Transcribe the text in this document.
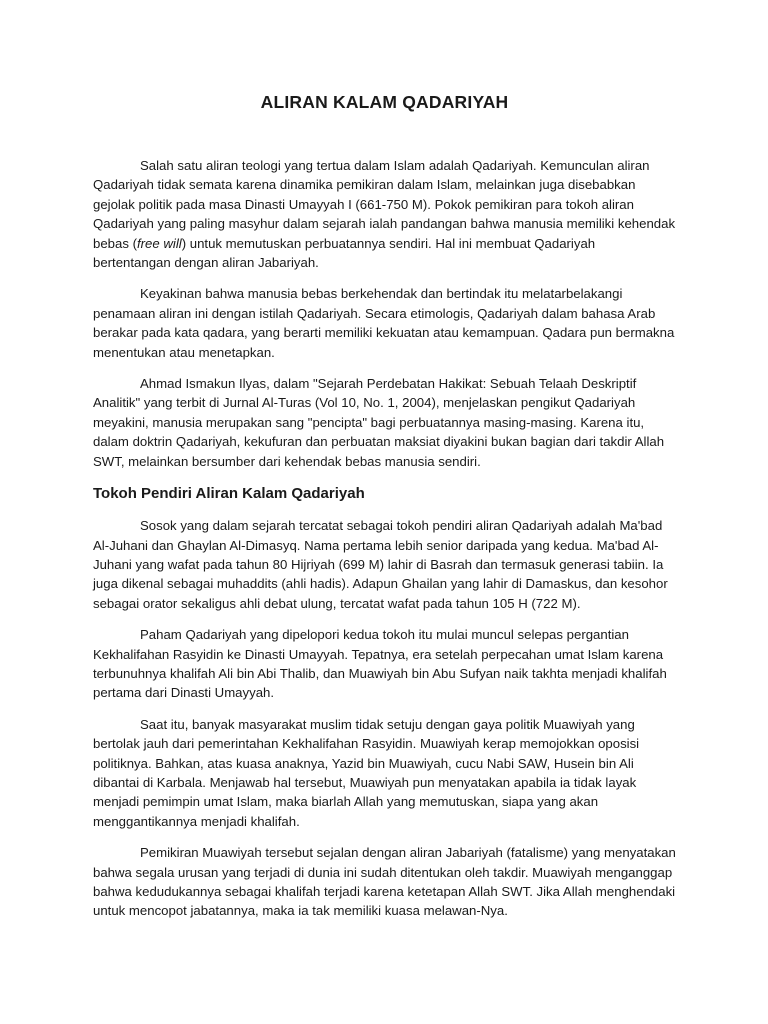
ALIRAN KALAM QADARIYAH

Salah satu aliran teologi yang tertua dalam Islam adalah Qadariyah. Kemunculan aliran Qadariyah tidak semata karena dinamika pemikiran dalam Islam, melainkan juga disebabkan gejolak politik pada masa Dinasti Umayyah I (661-750 M). Pokok pemikiran para tokoh aliran Qadariyah yang paling masyhur dalam sejarah ialah pandangan bahwa manusia memiliki kehendak bebas (free will) untuk memutuskan perbuatannya sendiri. Hal ini membuat Qadariyah bertentangan dengan aliran Jabariyah.

Keyakinan bahwa manusia bebas berkehendak dan bertindak itu melatarbelakangi penamaan aliran ini dengan istilah Qadariyah. Secara etimologis, Qadariyah dalam bahasa Arab berakar pada kata qadara, yang berarti memiliki kekuatan atau kemampuan. Qadara pun bermakna menentukan atau menetapkan.

Ahmad Ismakun Ilyas, dalam "Sejarah Perdebatan Hakikat: Sebuah Telaah Deskriptif Analitik" yang terbit di Jurnal Al-Turas (Vol 10, No. 1, 2004), menjelaskan pengikut Qadariyah meyakini, manusia merupakan sang "pencipta" bagi perbuatannya masing-masing. Karena itu, dalam doktrin Qadariyah, kekufuran dan perbuatan maksiat diyakini bukan bagian dari takdir Allah SWT, melainkan bersumber dari kehendak bebas manusia sendiri.

Tokoh Pendiri Aliran Kalam Qadariyah

Sosok yang dalam sejarah tercatat sebagai tokoh pendiri aliran Qadariyah adalah Ma'bad Al-Juhani dan Ghaylan Al-Dimasyq. Nama pertama lebih senior daripada yang kedua. Ma'bad Al-Juhani yang wafat pada tahun 80 Hijriyah (699 M) lahir di Basrah dan termasuk generasi tabiin. Ia juga dikenal sebagai muhaddits (ahli hadis). Adapun Ghailan yang lahir di Damaskus, dan kesohor sebagai orator sekaligus ahli debat ulung, tercatat wafat pada tahun 105 H (722 M).

Paham Qadariyah yang dipelopori kedua tokoh itu mulai muncul selepas pergantian Kekhalifahan Rasyidin ke Dinasti Umayyah. Tepatnya, era setelah perpecahan umat Islam karena terbunuhnya khalifah Ali bin Abi Thalib, dan Muawiyah bin Abu Sufyan naik takhta menjadi khalifah pertama dari Dinasti Umayyah.

Saat itu, banyak masyarakat muslim tidak setuju dengan gaya politik Muawiyah yang bertolak jauh dari pemerintahan Kekhalifahan Rasyidin. Muawiyah kerap memojokkan oposisi politiknya. Bahkan, atas kuasa anaknya, Yazid bin Muawiyah, cucu Nabi SAW, Husein bin Ali dibantai di Karbala. Menjawab hal tersebut, Muawiyah pun menyatakan apabila ia tidak layak menjadi pemimpin umat Islam, maka biarlah Allah yang memutuskan, siapa yang akan menggantikannya menjadi khalifah.

Pemikiran Muawiyah tersebut sejalan dengan aliran Jabariyah (fatalisme) yang menyatakan bahwa segala urusan yang terjadi di dunia ini sudah ditentukan oleh takdir. Muawiyah menganggap bahwa kedudukannya sebagai khalifah terjadi karena ketetapan Allah SWT. Jika Allah menghendaki untuk mencopot jabatannya, maka ia tak memiliki kuasa melawan-Nya.
